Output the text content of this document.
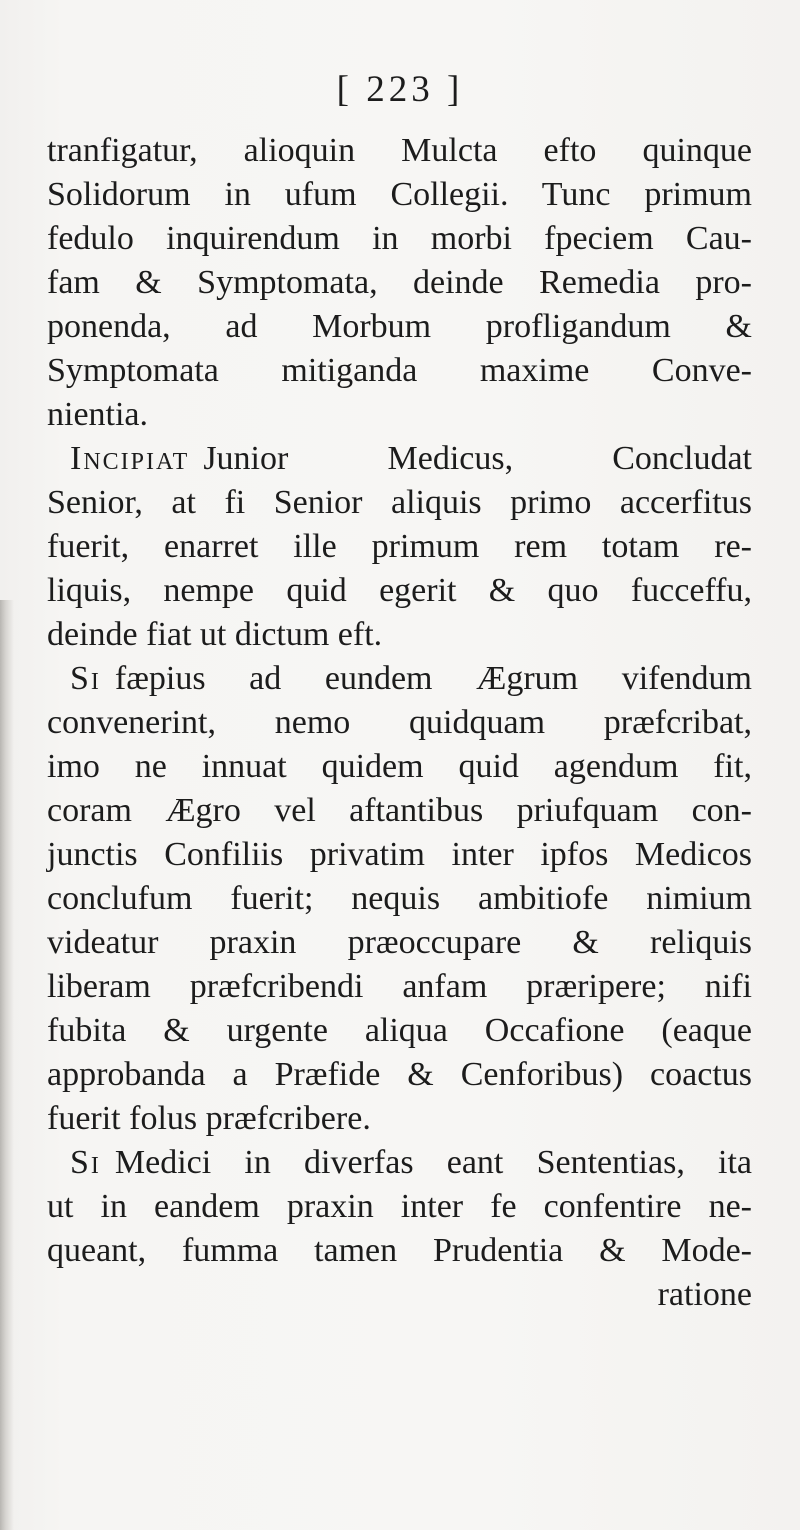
[ 223 ]
tranfigatur, alioquin Mulcta efto quinque
Solidorum in ufum Collegii. Tunc primum
fedulo inquirendum in morbi fpeciem Cau-
fam & Symptomata, deinde Remedia pro-
ponenda, ad Morbum profligandum &
Symptomata mitiganda maxime Conve-
nientia.
Incipiat Junior Medicus, Concludat
Senior, at fi Senior aliquis primo accerfitus
fuerit, enarret ille primum rem totam re-
liquis, nempe quid egerit & quo fucceffu,
deinde fiat ut dictum eft.
Si fæpius ad eundem Ægrum vifendum
convenerint, nemo quidquam præfcribat,
imo ne innuat quidem quid agendum fit,
coram Ægro vel aftantibus priufquam con-
junctis Confiliis privatim inter ipfos Medicos
conclufum fuerit; nequis ambitiofe nimium
videatur praxin præoccupare & reliquis
liberam præfcribendi anfam præripere; nifi
fubita & urgente aliqua Occafione (eaque
approbanda a Præfide & Cenforibus) coactus
fuerit folus præfcribere.
Si Medici in diverfas eant Sententias, ita
ut in eandem praxin inter fe confentire ne-
queant, fumma tamen Prudentia & Mode-
ratione
